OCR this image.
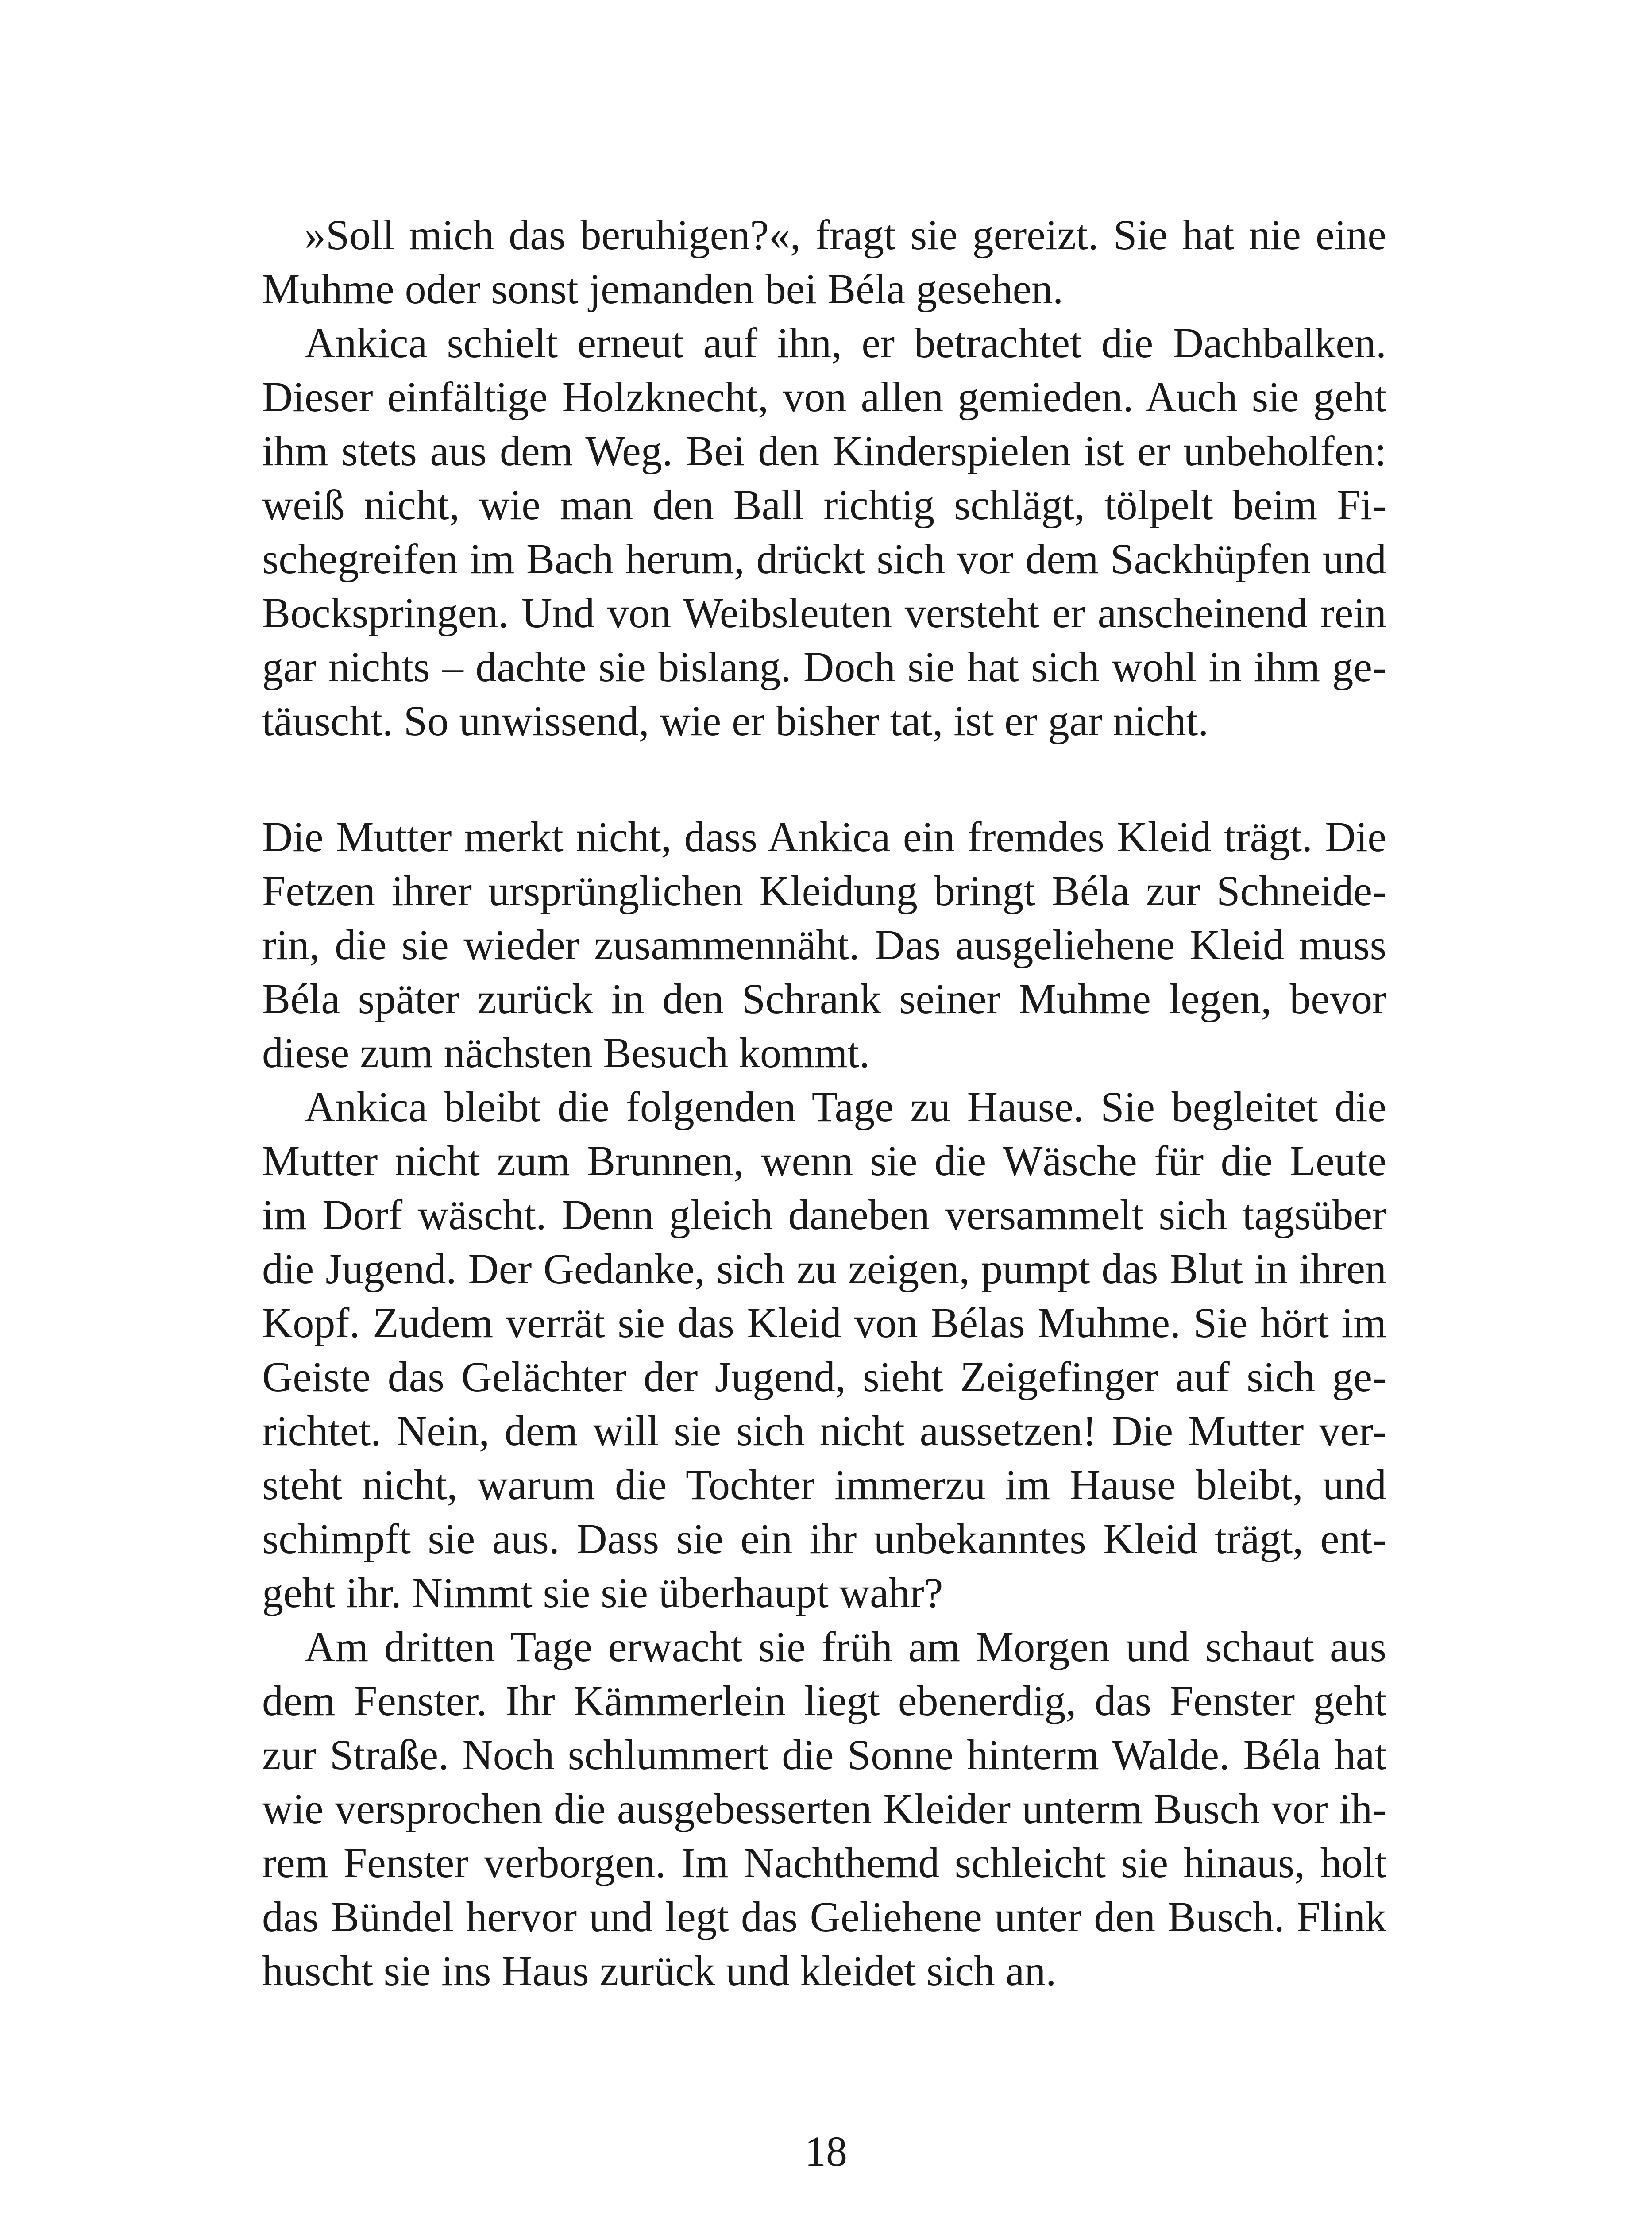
»Soll mich das beruhigen?«, fragt sie gereizt. Sie hat nie eine
Muhme oder sonst jemanden bei Béla gesehen.
Ankica schielt erneut auf ihn, er betrachtet die Dachbalken.
Dieser einfältige Holzknecht, von allen gemieden. Auch sie geht
ihm stets aus dem Weg. Bei den Kinderspielen ist er unbeholfen:
weiß nicht, wie man den Ball richtig schlägt, tölpelt beim Fi-
schegreifen im Bach herum, drückt sich vor dem Sackhüpfen und
Bockspringen. Und von Weibsleuten versteht er anscheinend rein
gar nichts – dachte sie bislang. Doch sie hat sich wohl in ihm ge-
täuscht. So unwissend, wie er bisher tat, ist er gar nicht.
Die Mutter merkt nicht, dass Ankica ein fremdes Kleid trägt. Die
Fetzen ihrer ursprünglichen Kleidung bringt Béla zur Schneide-
rin, die sie wieder zusammennäht. Das ausgeliehene Kleid muss
Béla später zurück in den Schrank seiner Muhme legen, bevor
diese zum nächsten Besuch kommt.
Ankica bleibt die folgenden Tage zu Hause. Sie begleitet die
Mutter nicht zum Brunnen, wenn sie die Wäsche für die Leute
im Dorf wäscht. Denn gleich daneben versammelt sich tagsüber
die Jugend. Der Gedanke, sich zu zeigen, pumpt das Blut in ihren
Kopf. Zudem verrät sie das Kleid von Bélas Muhme. Sie hört im
Geiste das Gelächter der Jugend, sieht Zeigefinger auf sich ge-
richtet. Nein, dem will sie sich nicht aussetzen! Die Mutter ver-
steht nicht, warum die Tochter immerzu im Hause bleibt, und
schimpft sie aus. Dass sie ein ihr unbekanntes Kleid trägt, ent-
geht ihr. Nimmt sie sie überhaupt wahr?
Am dritten Tage erwacht sie früh am Morgen und schaut aus
dem Fenster. Ihr Kämmerlein liegt ebenerdig, das Fenster geht
zur Straße. Noch schlummert die Sonne hinterm Walde. Béla hat
wie versprochen die ausgebesserten Kleider unterm Busch vor ih-
rem Fenster verborgen. Im Nachthemd schleicht sie hinaus, holt
das Bündel hervor und legt das Geliehene unter den Busch. Flink
huscht sie ins Haus zurück und kleidet sich an.
18
